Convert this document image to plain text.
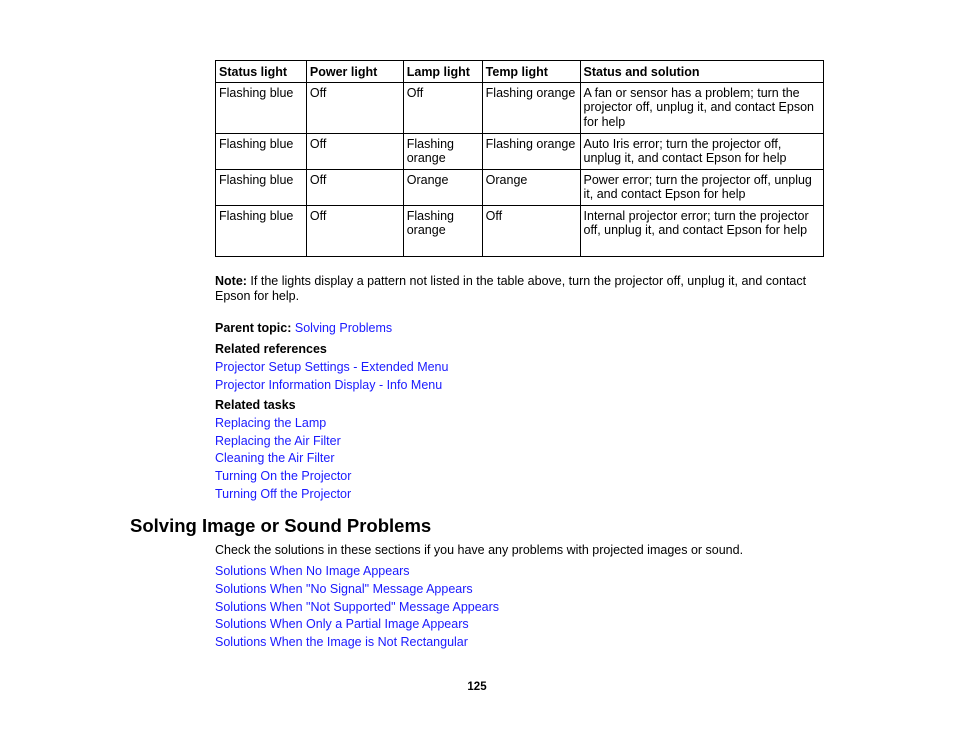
Status light	Power light	Lamp light	Temp light	Status and solution
Flashing blue	Off	Off	Flashing orange	A fan or sensor has a problem; turn the projector off, unplug it, and contact Epson for help
Flashing blue	Off	Flashing orange	Flashing orange	Auto Iris error; turn the projector off, unplug it, and contact Epson for help
Flashing blue	Off	Orange	Orange	Power error; turn the projector off, unplug it, and contact Epson for help
Flashing blue	Off	Flashing orange	Off	Internal projector error; turn the projector off, unplug it, and contact Epson for help
Note: If the lights display a pattern not listed in the table above, turn the projector off, unplug it, and contact Epson for help.
Parent topic: Solving Problems
Related references
Projector Setup Settings - Extended Menu
Projector Information Display - Info Menu
Related tasks
Replacing the Lamp
Replacing the Air Filter
Cleaning the Air Filter
Turning On the Projector
Turning Off the Projector
Solving Image or Sound Problems
Check the solutions in these sections if you have any problems with projected images or sound.
Solutions When No Image Appears
Solutions When "No Signal" Message Appears
Solutions When "Not Supported" Message Appears
Solutions When Only a Partial Image Appears
Solutions When the Image is Not Rectangular
125
